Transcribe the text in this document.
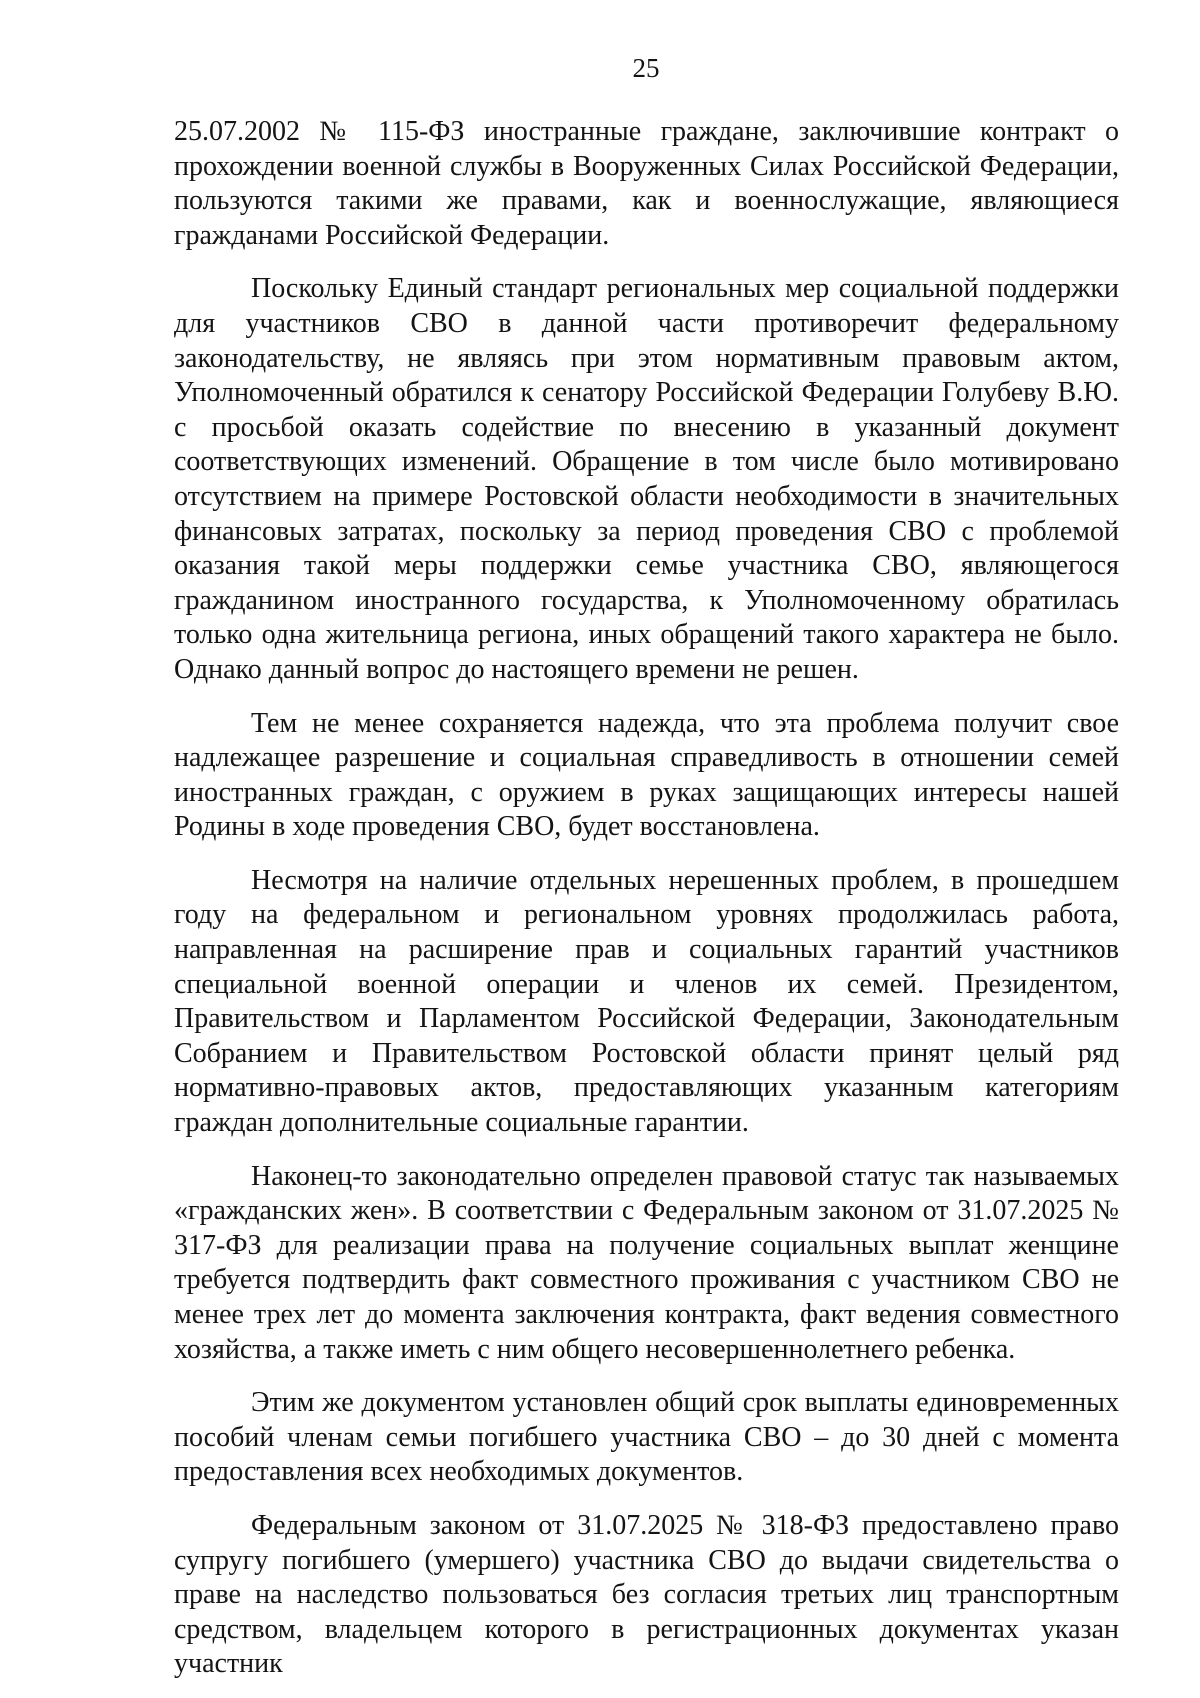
25

25.07.2002 № 115-ФЗ иностранные граждане, заключившие контракт о прохождении военной службы в Вооруженных Силах Российской Федерации, пользуются такими же правами, как и военнослужащие, являющиеся гражданами Российской Федерации.

Поскольку Единый стандарт региональных мер социальной поддержки для участников СВО в данной части противоречит федеральному законодательству, не являясь при этом нормативным правовым актом, Уполномоченный обратился к сенатору Российской Федерации Голубеву В.Ю. с просьбой оказать содействие по внесению в указанный документ соответствующих изменений. Обращение в том числе было мотивировано отсутствием на примере Ростовской области необходимости в значительных финансовых затратах, поскольку за период проведения СВО с проблемой оказания такой меры поддержки семье участника СВО, являющегося гражданином иностранного государства, к Уполномоченному обратилась только одна жительница региона, иных обращений такого характера не было. Однако данный вопрос до настоящего времени не решен.

Тем не менее сохраняется надежда, что эта проблема получит свое надлежащее разрешение и социальная справедливость в отношении семей иностранных граждан, с оружием в руках защищающих интересы нашей Родины в ходе проведения СВО, будет восстановлена.

Несмотря на наличие отдельных нерешенных проблем, в прошедшем году на федеральном и региональном уровнях продолжилась работа, направленная на расширение прав и социальных гарантий участников специальной военной операции и членов их семей. Президентом, Правительством и Парламентом Российской Федерации, Законодательным Собранием и Правительством Ростовской области принят целый ряд нормативно-правовых актов, предоставляющих указанным категориям граждан дополнительные социальные гарантии.

Наконец-то законодательно определен правовой статус так называемых «гражданских жен». В соответствии с Федеральным законом от 31.07.2025 № 317-ФЗ для реализации права на получение социальных выплат женщине требуется подтвердить факт совместного проживания с участником СВО не менее трех лет до момента заключения контракта, факт ведения совместного хозяйства, а также иметь с ним общего несовершеннолетнего ребенка.

Этим же документом установлен общий срок выплаты единовременных пособий членам семьи погибшего участника СВО – до 30 дней с момента предоставления всех необходимых документов.

Федеральным законом от 31.07.2025 № 318-ФЗ предоставлено право супругу погибшего (умершего) участника СВО до выдачи свидетельства о праве на наследство пользоваться без согласия третьих лиц транспортным средством, владельцем которого в регистрационных документах указан участник
